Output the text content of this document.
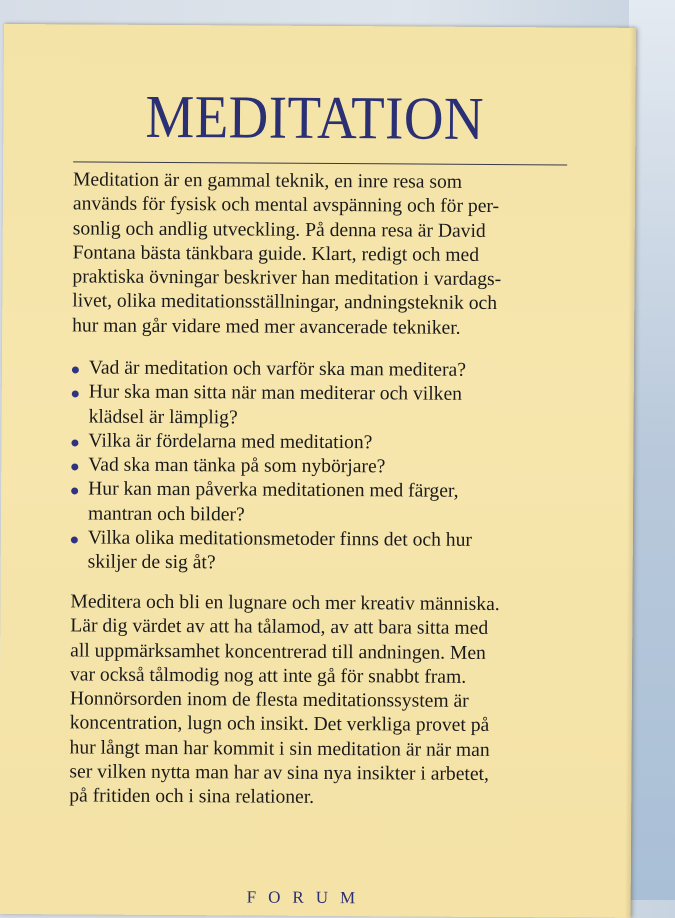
MEDITATION

Meditation är en gammal teknik, en inre resa som
används för fysisk och mental avspänning och för per-
sonlig och andlig utveckling. På denna resa är David
Fontana bästa tänkbara guide. Klart, redigt och med
praktiska övningar beskriver han meditation i vardags-
livet, olika meditationsställningar, andningsteknik och
hur man går vidare med mer avancerade tekniker.

Vad är meditation och varför ska man meditera?
Hur ska man sitta när man mediterar och vilken
klädsel är lämplig?
Vilka är fördelarna med meditation?
Vad ska man tänka på som nybörjare?
Hur kan man påverka meditationen med färger,
mantran och bilder?
Vilka olika meditationsmetoder finns det och hur
skiljer de sig åt?

Meditera och bli en lugnare och mer kreativ människa.
Lär dig värdet av att ha tålamod, av att bara sitta med
all uppmärksamhet koncentrerad till andningen. Men
var också tålmodig nog att inte gå för snabbt fram.
Honnörsorden inom de flesta meditationssystem är
koncentration, lugn och insikt. Det verkliga provet på
hur långt man har kommit i sin meditation är när man
ser vilken nytta man har av sina nya insikter i arbetet,
på fritiden och i sina relationer.

FORUM
